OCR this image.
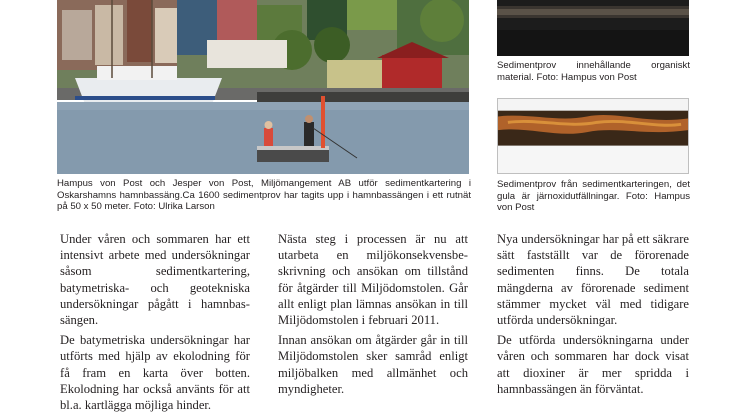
Hampus von Post och Jesper von Post, Miljömangement AB utför sedimentkartering i Oskarshamns hamnbassäng.Ca 1600 sedimentprov har tagits upp i hamnbassängen i ett rutnät på 50 x 50 meter. Foto: Ulrika Larson
Sedimentprov innehållande organiskt material. Foto: Hampus von Post
Sedimentprov från sedimentkarteringen, det gula är järnoxidutfällningar. Foto: Hampus von Post

Under våren och sommaren har ett intensivt arbete med undersökningar såsom sedimentkartering, batymetriska- och geotekniska undersökningar pågått i hamnbassängen.

De batymetriska undersökningar har utförts med hjälp av ekolodning för få fram en karta över botten. Ekolodning har också använts för att bl.a. kartlägga möjliga hinder.

Nästa steg i processen är nu att utarbeta en miljökonsekvensbeskrivning och ansökan om tillstånd för åtgärder till Miljödomstolen. Går allt enligt plan lämnas ansökan in till Miljödomstolen i februari 2011.

Innan ansökan om åtgärder går in till Miljödomstolen sker samråd enligt miljöbalken med allmänhet och myndigheter.

Nya undersökningar har på ett säkrare sätt fastställt var de förorenade sedimenten finns. De totala mängderna av förorenade sediment stämmer mycket väl med tidigare utförda undersökningar.

De utförda undersökningarna under våren och sommaren har dock visat att dioxiner är mer spridda i hamnbassängen än förväntat.
